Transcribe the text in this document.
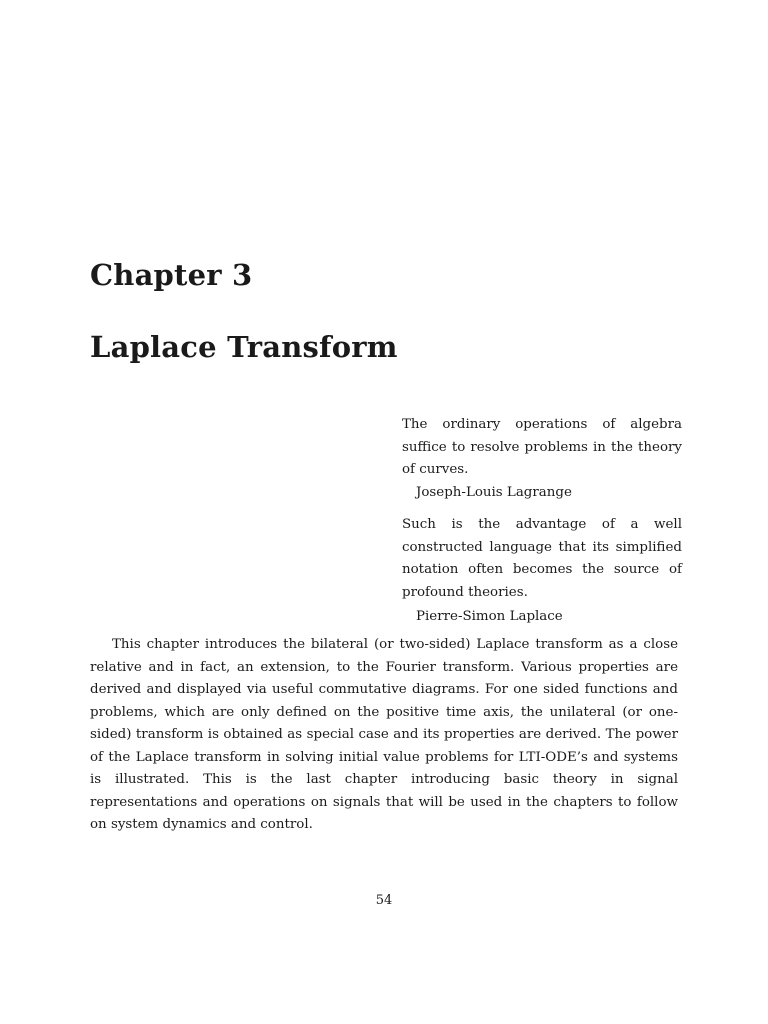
Chapter 3
Laplace Transform

The ordinary operations of algebra suffice to resolve problems in the theory of curves.

Joseph-Louis Lagrange

Such is the advantage of a well constructed language that its simplified notation often becomes the source of profound theories.

Pierre-Simon Laplace

This chapter introduces the bilateral (or two-sided) Laplace transform as a close relative and in fact, an extension, to the Fourier transform. Various properties are derived and displayed via useful commutative diagrams. For one sided functions and problems, which are only defined on the positive time axis, the unilateral (or one-sided) transform is obtained as special case and its properties are derived. The power of the Laplace transform in solving initial value problems for LTI-ODE’s and systems is illustrated. This is the last chapter introducing basic theory in signal representations and operations on signals that will be used in the chapters to follow on system dynamics and control.

54
